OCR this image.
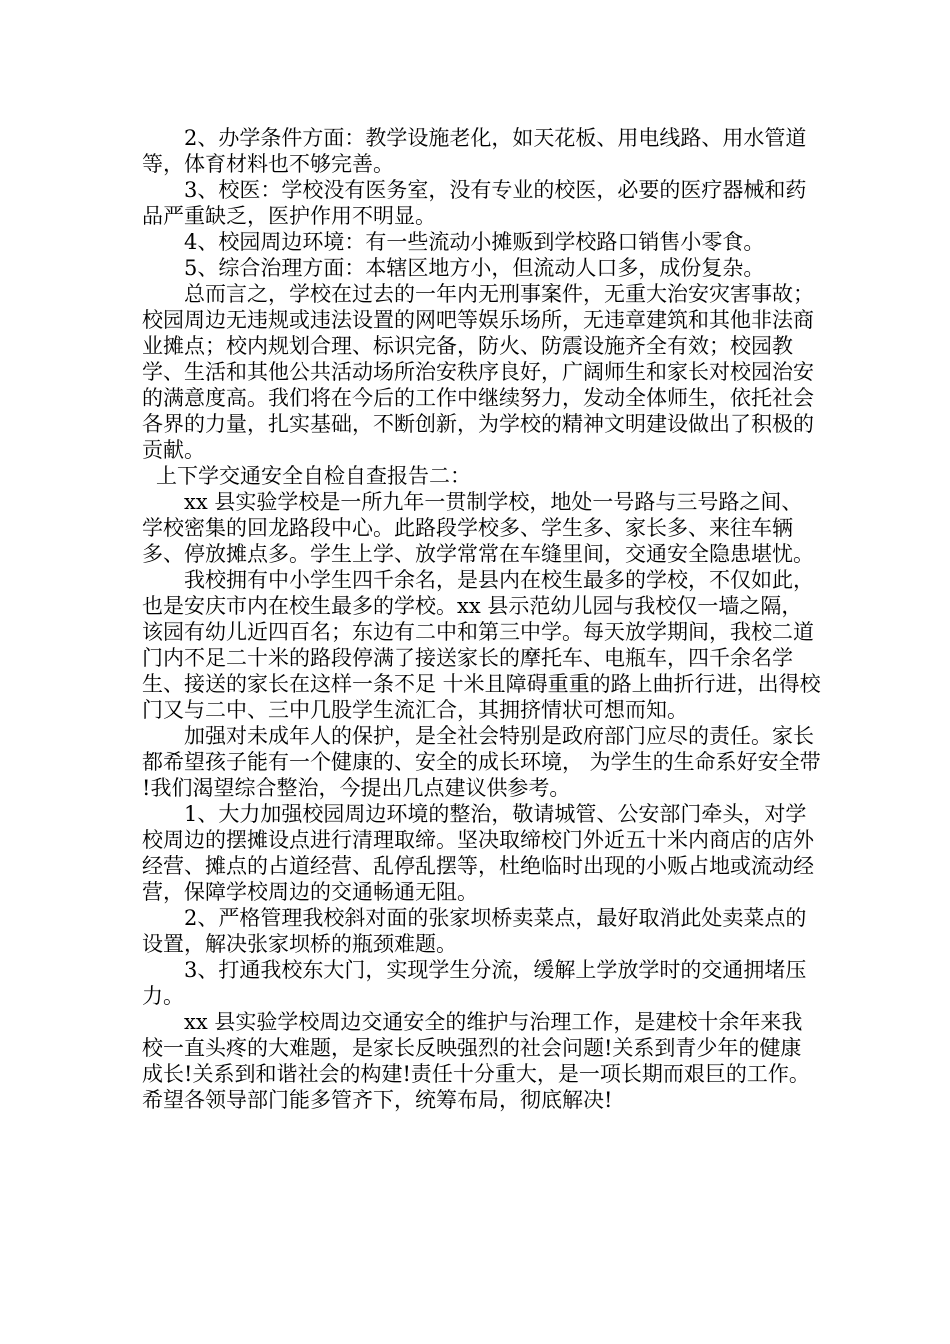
2、办学条件方面：教学设施老化，如天花板、用电线路、用水管道等，体育材料也不够完善。

3、校医：学校没有医务室，没有专业的校医，必要的医疗器械和药品严重缺乏，医护作用不明显。

4、校园周边环境：有一些流动小摊贩到学校路口销售小零食。

5、综合治理方面：本辖区地方小，但流动人口多，成份复杂。

总而言之，学校在过去的一年内无刑事案件，无重大治安灾害事故；校园周边无违规或违法设置的网吧等娱乐场所，无违章建筑和其他非法商业摊点；校内规划合理、标识完备，防火、防震设施齐全有效；校园教学、生活和其他公共活动场所治安秩序良好，广阔师生和家长对校园治安的满意度高。我们将在今后的工作中继续努力，发动全体师生，依托社会各界的力量，扎实基础，不断创新，为学校的精神文明建设做出了积极的贡献。

上下学交通安全自检自查报告二：

xx 县实验学校是一所九年一贯制学校，地处一号路与三号路之间、学校密集的回龙路段中心。此路段学校多、学生多、家长多、来往车辆多、停放摊点多。学生上学、放学常常在车缝里间，交通安全隐患堪忧。

我校拥有中小学生四千余名，是县内在校生最多的学校，不仅如此，也是安庆市内在校生最多的学校。xx 县示范幼儿园与我校仅一墙之隔，该园有幼儿近四百名；东边有二中和第三中学。每天放学期间，我校二道门内不足二十米的路段停满了接送家长的摩托车、电瓶车，四千余名学生、接送的家长在这样一条不足 十米且障碍重重的路上曲折行进，出得校门又与二中、三中几股学生流汇合，其拥挤情状可想而知。

加强对未成年人的保护，是全社会特别是政府部门应尽的责任。家长都希望孩子能有一个健康的、安全的成长环境， 为学生的生命系好安全带 !我们渴望综合整治，今提出几点建议供参考。

1、大力加强校园周边环境的整治，敬请城管、公安部门牵头，对学校周边的摆摊设点进行清理取缔。坚决取缔校门外近五十米内商店的店外经营、摊点的占道经营、乱停乱摆等，杜绝临时出现的小贩占地或流动经营，保障学校周边的交通畅通无阻。

2、严格管理我校斜对面的张家坝桥卖菜点，最好取消此处卖菜点的设置，解决张家坝桥的瓶颈难题。

3、打通我校东大门，实现学生分流，缓解上学放学时的交通拥堵压力。

xx 县实验学校周边交通安全的维护与治理工作，是建校十余年来我校一直头疼的大难题，是家长反映强烈的社会问题!关系到青少年的健康成长!关系到和谐社会的构建!责任十分重大，是一项长期而艰巨的工作。希望各领导部门能多管齐下，统筹布局，彻底解决!
